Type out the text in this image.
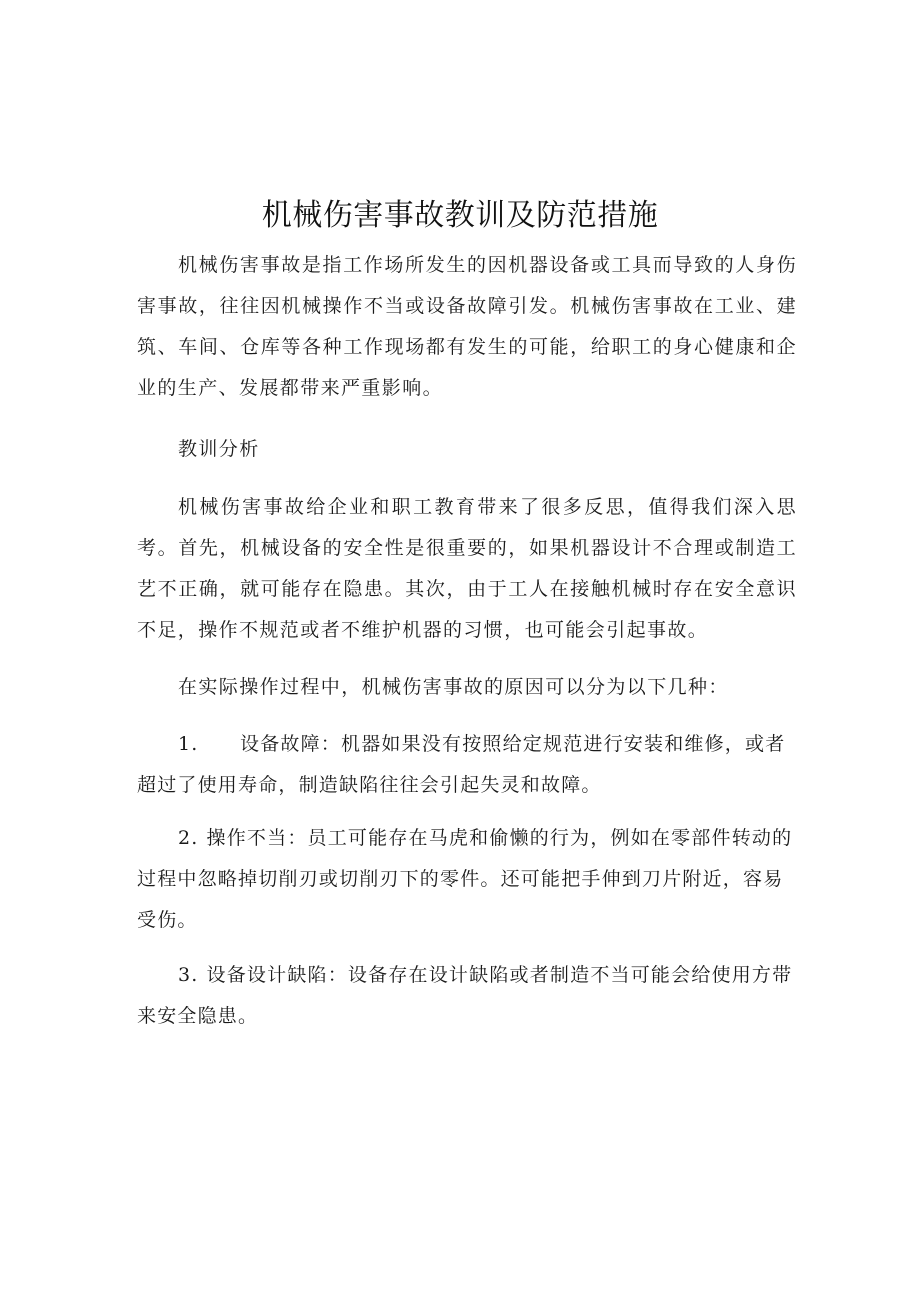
机械伤害事故教训及防范措施

机械伤害事故是指工作场所发生的因机器设备或工具而导致的人身伤害事故，往往因机械操作不当或设备故障引发。机械伤害事故在工业、建筑、车间、仓库等各种工作现场都有发生的可能，给职工的身心健康和企业的生产、发展都带来严重影响。

教训分析

机械伤害事故给企业和职工教育带来了很多反思，值得我们深入思考。首先，机械设备的安全性是很重要的，如果机器设计不合理或制造工艺不正确，就可能存在隐患。其次，由于工人在接触机械时存在安全意识不足，操作不规范或者不维护机器的习惯，也可能会引起事故。

在实际操作过程中，机械伤害事故的原因可以分为以下几种：

1. 设备故障：机器如果没有按照给定规范进行安装和维修，或者超过了使用寿命，制造缺陷往往会引起失灵和故障。

2. 操作不当：员工可能存在马虎和偷懒的行为，例如在零部件转动的过程中忽略掉切削刃或切削刃下的零件。还可能把手伸到刀片附近，容易受伤。

3. 设备设计缺陷：设备存在设计缺陷或者制造不当可能会给使用方带来安全隐患。
